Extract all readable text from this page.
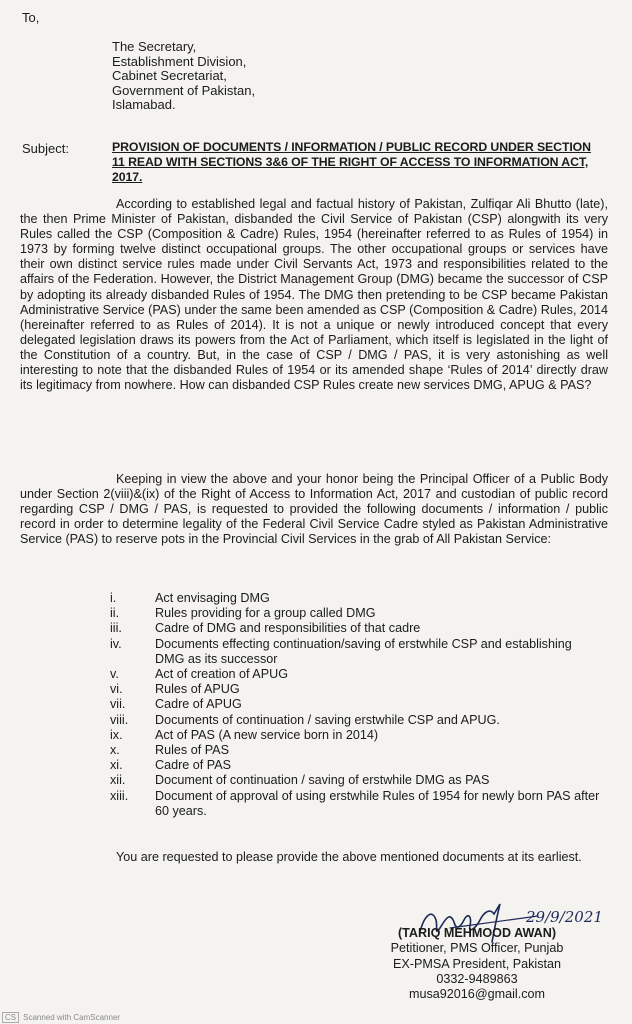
To,
The Secretary,
Establishment Division,
Cabinet Secretariat,
Government of Pakistan,
Islamabad.
Subject:	PROVISION OF DOCUMENTS / INFORMATION / PUBLIC RECORD UNDER SECTION 11 READ WITH SECTIONS 3&6 OF THE RIGHT OF ACCESS TO INFORMATION ACT, 2017.

According to established legal and factual history of Pakistan, Zulfiqar Ali Bhutto (late), the then Prime Minister of Pakistan, disbanded the Civil Service of Pakistan (CSP) alongwith its very Rules called the CSP (Composition & Cadre) Rules, 1954 (hereinafter referred to as Rules of 1954) in 1973 by forming twelve distinct occupational groups. The other occupational groups or services have their own distinct service rules made under Civil Servants Act, 1973 and responsibilities related to the affairs of the Federation. However, the District Management Group (DMG) became the successor of CSP by adopting its already disbanded Rules of 1954. The DMG then pretending to be CSP became Pakistan Administrative Service (PAS) under the same been amended as CSP (Composition & Cadre) Rules, 2014 (hereinafter referred to as Rules of 2014). It is not a unique or newly introduced concept that every delegated legislation draws its powers from the Act of Parliament, which itself is legislated in the light of the Constitution of a country. But, in the case of CSP / DMG / PAS, it is very astonishing as well interesting to note that the disbanded Rules of 1954 or its amended shape ‘Rules of 2014’ directly draw its legitimacy from nowhere. How can disbanded CSP Rules create new services DMG, APUG & PAS?

Keeping in view the above and your honor being the Principal Officer of a Public Body under Section 2(viii)&(ix) of the Right of Access to Information Act, 2017 and custodian of public record regarding CSP / DMG / PAS, is requested to provided the following documents / information / public record in order to determine legality of the Federal Civil Service Cadre styled as Pakistan Administrative Service (PAS) to reserve pots in the Provincial Civil Services in the grab of All Pakistan Service:

i.	Act envisaging DMG
ii.	Rules providing for a group called DMG
iii.	Cadre of DMG and responsibilities of that cadre
iv.	Documents effecting continuation/saving of erstwhile CSP and establishing DMG as its successor
v.	Act of creation of APUG
vi.	Rules of APUG
vii.	Cadre of APUG
viii.	Documents of continuation / saving erstwhile CSP and APUG.
ix.	Act of PAS (A new service born in 2014)
x.	Rules of PAS
xi.	Cadre of PAS
xii.	Document of continuation / saving of erstwhile DMG as PAS
xiii.	Document of approval of using erstwhile Rules of 1954 for newly born PAS after 60 years.

You are requested to please provide the above mentioned documents at its earliest.

29/9/2021
(TARIQ MEHMOOD AWAN)
Petitioner, PMS Officer, Punjab
EX-PMSA President, Pakistan
0332-9489863
musa92016@gmail.com
CS Scanned with CamScanner
